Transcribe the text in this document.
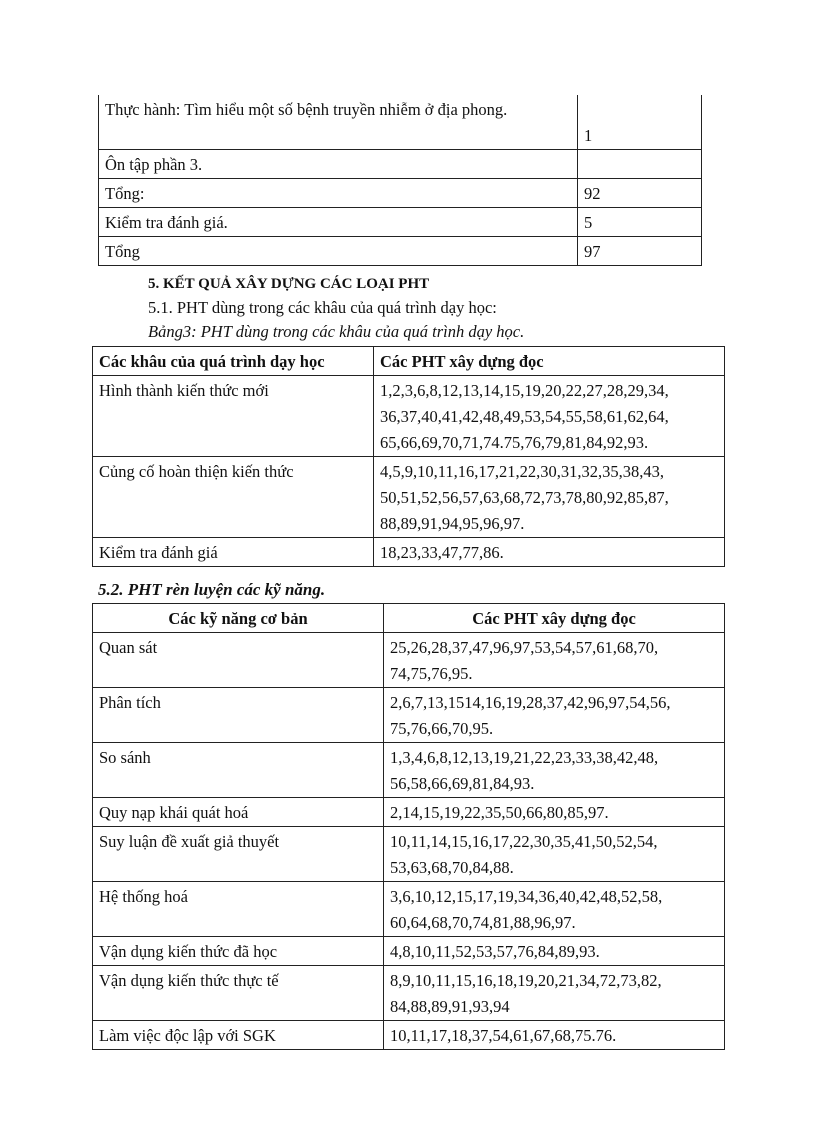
Thực hành: Tìm hiểu một số bệnh truyền nhiễm ở địa phong.	1
Ôn tập phần 3.	
Tổng:	92
Kiểm tra đánh giá.	5
Tổng	97
5. KẾT QUẢ XÂY DỰNG CÁC LOẠI PHT
5.1. PHT dùng trong các khâu của quá trình dạy học:
Bảng3: PHT dùng trong các khâu của quá trình dạy học.
Các khâu của quá trình dạy học	Các PHT xây dựng đọc
Hình thành kiến thức mới	1,2,3,6,8,12,13,14,15,19,20,22,27,28,29,34, 36,37,40,41,42,48,49,53,54,55,58,61,62,64, 65,66,69,70,71,74.75,76,79,81,84,92,93.
Củng cố hoàn thiện kiến thức	4,5,9,10,11,16,17,21,22,30,31,32,35,38,43, 50,51,52,56,57,63,68,72,73,78,80,92,85,87, 88,89,91,94,95,96,97.
Kiểm tra đánh giá	18,23,33,47,77,86.
5.2. PHT rèn luyện các kỹ năng.
Các kỹ năng cơ bản	Các PHT xây dựng đọc
Quan sát	25,26,28,37,47,96,97,53,54,57,61,68,70, 74,75,76,95.
Phân tích	2,6,7,13,1514,16,19,28,37,42,96,97,54,56, 75,76,66,70,95.
So sánh	1,3,4,6,8,12,13,19,21,22,23,33,38,42,48, 56,58,66,69,81,84,93.
Quy nạp khái quát hoá	2,14,15,19,22,35,50,66,80,85,97.
Suy luận đề xuất giả thuyết	10,11,14,15,16,17,22,30,35,41,50,52,54, 53,63,68,70,84,88.
Hệ thống hoá	3,6,10,12,15,17,19,34,36,40,42,48,52,58, 60,64,68,70,74,81,88,96,97.
Vận dụng kiến thức đã học	4,8,10,11,52,53,57,76,84,89,93.
Vận dụng kiến thức thực tế	8,9,10,11,15,16,18,19,20,21,34,72,73,82, 84,88,89,91,93,94
Làm việc độc lập với SGK	10,11,17,18,37,54,61,67,68,75.76.
